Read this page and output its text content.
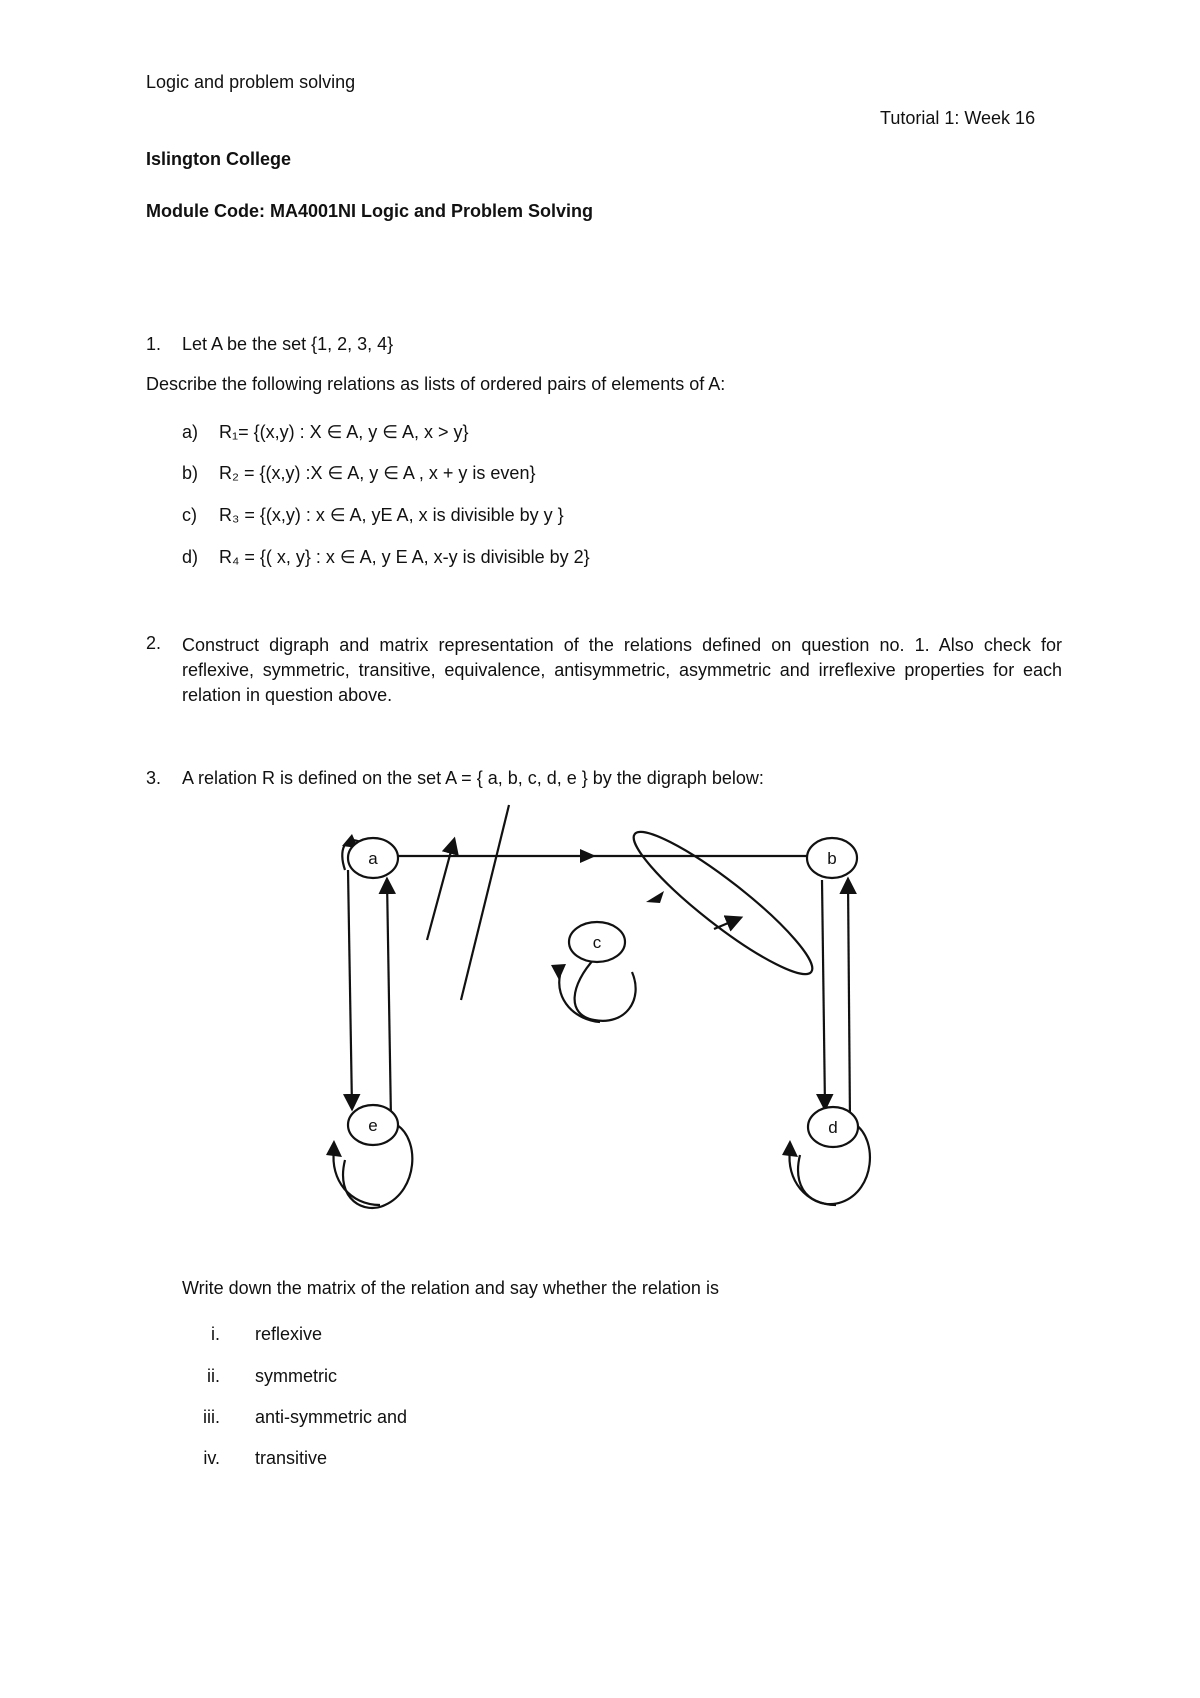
Logic and problem solving
Tutorial 1: Week 16
Islington College
Module Code: MA4001NI Logic and Problem Solving
1. Let A be the set {1, 2, 3, 4}
Describe the following relations as lists of ordered pairs of elements of A:
a) R₁= {(x,y) : X ∈ A, y ∈ A, x > y}
b) R₂ = {(x,y) :X ∈ A, y ∈ A , x + y is even}
c) R₃ = {(x,y) : x ∈ A, yE A, x is divisible by y }
d) R₄ = {( x, y} : x ∈ A, y E A, x-y is divisible by 2}
2. Construct digraph and matrix representation of the relations defined on question no. 1. Also check for reflexive, symmetric, transitive, equivalence, antisymmetric, asymmetric and irreflexive properties for each relation in question above.
3. A relation R is defined on the set A = { a, b, c, d, e } by the digraph below:
a	b
c
d
e
Write down the matrix of the relation and say whether the relation is
i. reflexive
ii. symmetric
iii. anti-symmetric and
iv. transitive
